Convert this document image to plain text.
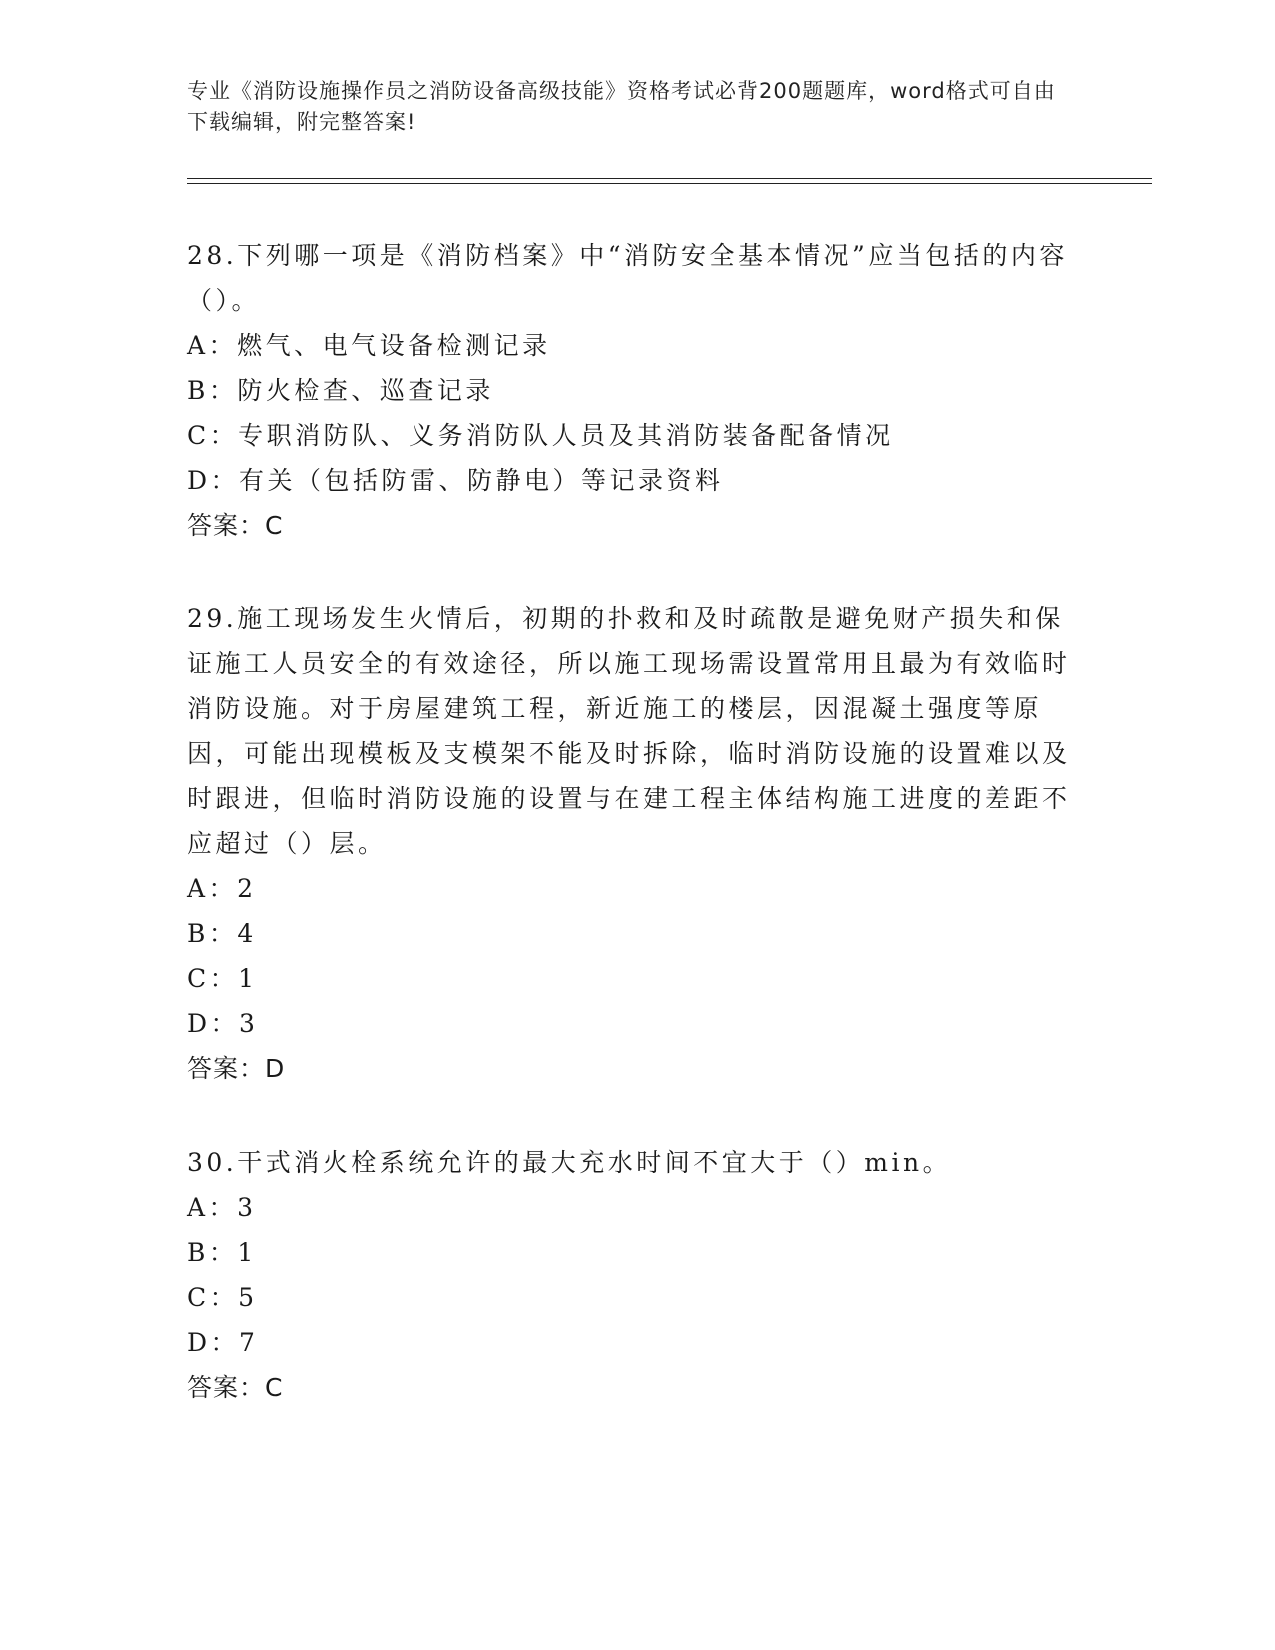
专业《消防设施操作员之消防设备高级技能》资格考试必背200题题库，word格式可自由下载编辑，附完整答案!

28.下列哪一项是《消防档案》中“消防安全基本情况”应当包括的内容（）。

A：燃气、电气设备检测记录

B：防火检查、巡查记录

C：专职消防队、义务消防队人员及其消防装备配备情况

D：有关（包括防雷、防静电）等记录资料

答案：C

29.施工现场发生火情后，初期的扑救和及时疏散是避免财产损失和保证施工人员安全的有效途径，所以施工现场需设置常用且最为有效临时消防设施。对于房屋建筑工程，新近施工的楼层，因混凝土强度等原因，可能出现模板及支模架不能及时拆除，临时消防设施的设置难以及时跟进，但临时消防设施的设置与在建工程主体结构施工进度的差距不应超过（）层。

A：2

B：4

C：1

D：3

答案：D

30.干式消火栓系统允许的最大充水时间不宜大于（）min。

A：3

B：1

C：5

D：7

答案：C
